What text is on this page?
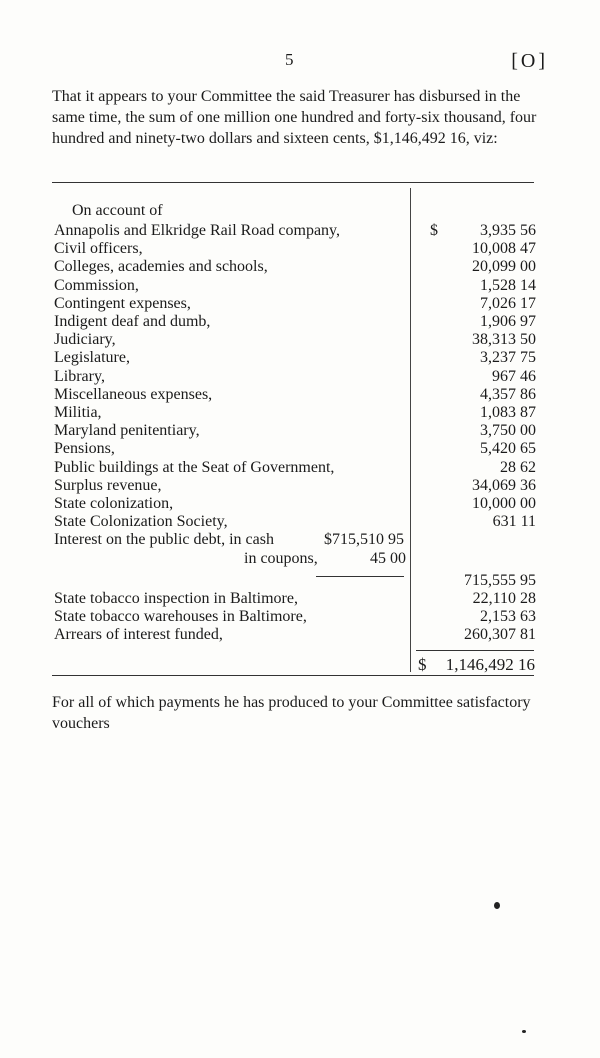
5	[O]
That it appears to your Committee the said Treasurer has disbursed in the same time, the sum of one million one hundred and forty-six thousand, four hundred and ninety-two dollars and sixteen cents, $1,146,492 16, viz:
On account of
Annapolis and Elkridge Rail Road company,	$	3,935 56
Civil officers,	10,008 47
Colleges, academies and schools,	20,099 00
Commission,	1,528 14
Contingent expenses,	7,026 17
Indigent deaf and dumb,	1,906 97
Judiciary,	38,313 50
Legislature,	3,237 75
Library,	967 46
Miscellaneous expenses,	4,357 86
Militia,	1,083 87
Maryland penitentiary,	3,750 00
Pensions,	5,420 65
Public buildings at the Seat of Government,	28 62
Surplus revenue,	34,069 36
State colonization,	10,000 00
State Colonization Society,	631 11
Interest on the public debt, in cash	$715,510 95
in coupons,	45 00
715,555 95
State tobacco inspection in Baltimore,	22,110 28
State tobacco warehouses in Baltimore,	2,153 63
Arrears of interest funded,	260,307 81
$ 1,146,492 16
For all of which payments he has produced to your Committee satisfactory vouchers
